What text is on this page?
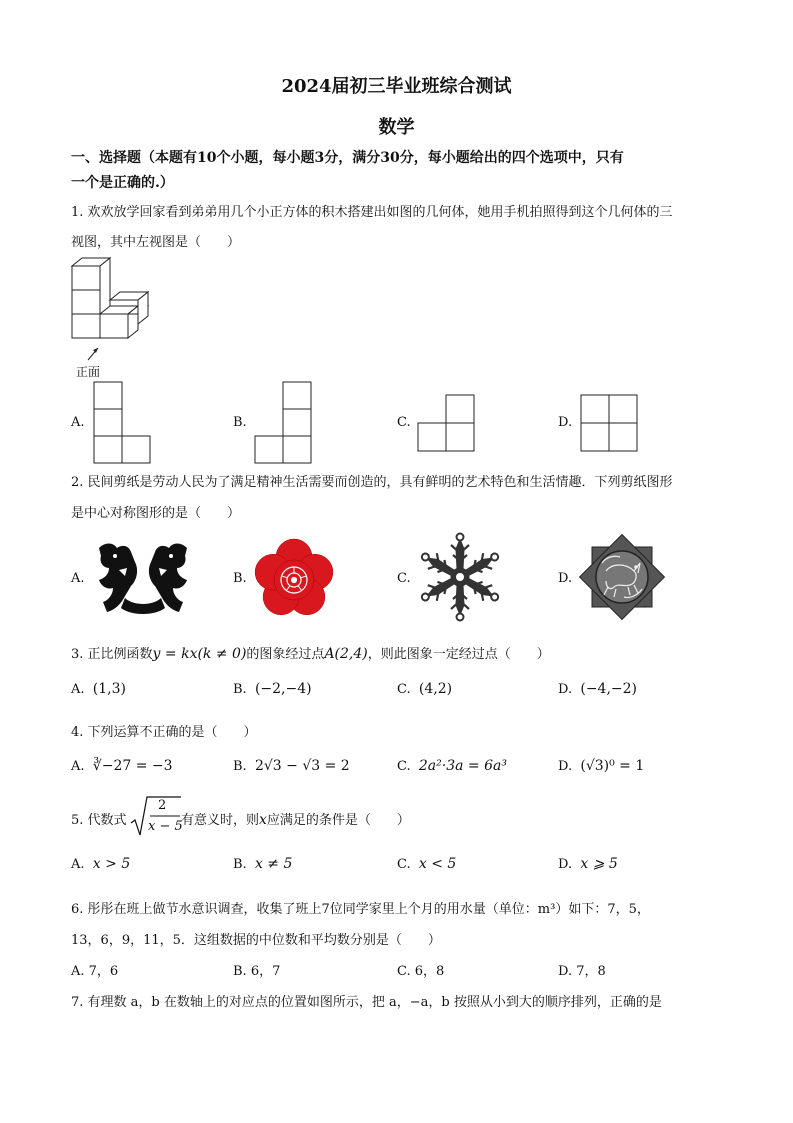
2024届初三毕业班综合测试
数学
一、选择题（本题有10个小题，每小题3分，满分30分，每小题给出的四个选项中，只有
一个是正确的.）
1. 欢欢放学回家看到弟弟用几个小正方体的积木搭建出如图的几何体，她用手机拍照得到这个几何体的三
视图，其中左视图是（　　）
正面
A.	B.	C.	D.
2. 民间剪纸是劳动人民为了满足精神生活需要而创造的，具有鲜明的艺术特色和生活情趣．下列剪纸图形
是中心对称图形的是（　　）
A.	B.	C.	D.
3. 正比例函数y = kx(k ≠ 0)的图象经过点A(2,4)，则此图象一定经过点（　　）
A. (1,3)	B. (−2,−4)	C. (4,2)	D. (−4,−2)
4. 下列运算不正确的是（　　）
A. ∛−27 = −3	B. 2√3 − √3 = 2	C. 2a²·3a = 6a³	D. (√3)⁰ = 1
5. 代数式
2
x − 5
有意义时，则x应满足的条件是（　　）
A. x > 5	B. x ≠ 5	C. x < 5	D. x ⩾ 5
6. 彤彤在班上做节水意识调查，收集了班上7位同学家里上个月的用水量（单位：m³）如下：7，5，
13，6，9，11，5．这组数据的中位数和平均数分别是（　　）
A. 7，6	B. 6，7	C. 6，8	D. 7，8
7. 有理数 a，b 在数轴上的对应点的位置如图所示，把 a，−a，b 按照从小到大的顺序排列，正确的是
